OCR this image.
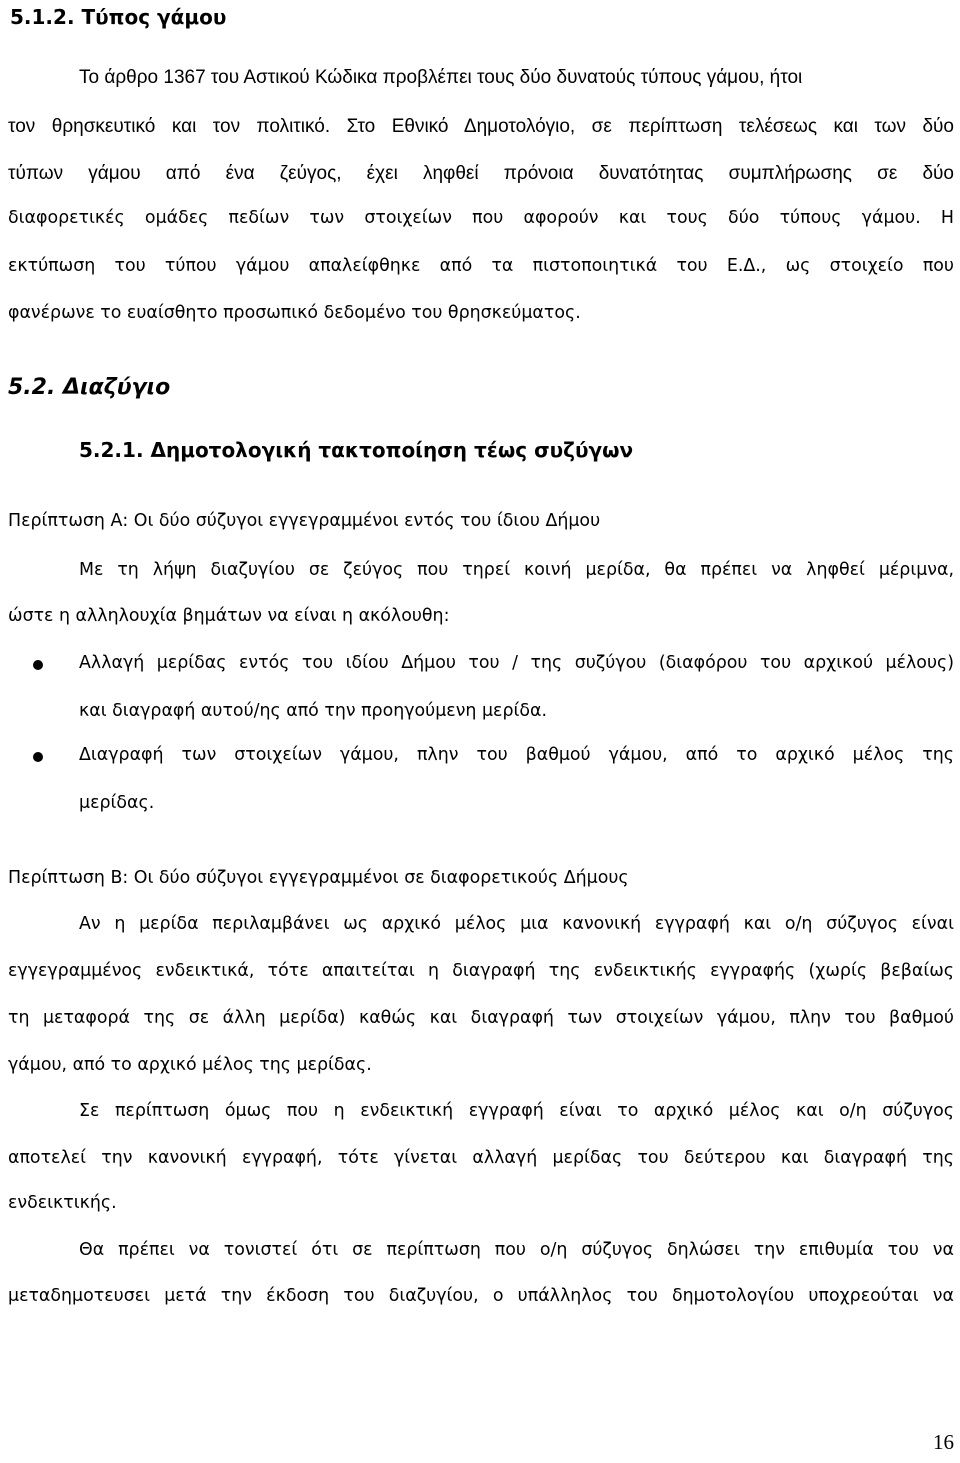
5.1.2. Τύπος γάμου
Το άρθρο 1367 του Αστικού Κώδικα προβλέπει τους δύο δυνατούς τύπους γάμου, ήτοι
τον θρησκευτικό και τον πολιτικό. Στο Εθνικό Δημοτολόγιο, σε περίπτωση τελέσεως και των δύο
τύπων γάμου από ένα ζεύγος, έχει ληφθεί πρόνοια δυνατότητας συμπλήρωσης σε δύο
διαφορετικές ομάδες πεδίων των στοιχείων που αφορούν και τους δύο τύπους γάμου. Η
εκτύπωση του τύπου γάμου απαλείφθηκε από τα πιστοποιητικά του Ε.Δ., ως στοιχείο που
φανέρωνε το ευαίσθητο προσωπικό δεδομένο του θρησκεύματος.
5.2. Διαζύγιο
5.2.1. Δημοτολογική τακτοποίηση τέως συζύγων
Περίπτωση Α: Οι δύο σύζυγοι εγγεγραμμένοι εντός του ίδιου Δήμου
Με τη λήψη διαζυγίου σε ζεύγος που τηρεί κοινή μερίδα, θα πρέπει να ληφθεί μέριμνα,
ώστε η αλληλουχία βημάτων να είναι η ακόλουθη:
Αλλαγή μερίδας εντός του ιδίου Δήμου του / της συζύγου (διαφόρου του αρχικού μέλους)
και διαγραφή αυτού/ης από την προηγούμενη μερίδα.
Διαγραφή των στοιχείων γάμου, πλην του βαθμού γάμου, από το αρχικό μέλος της
μερίδας.
Περίπτωση Β: Οι δύο σύζυγοι εγγεγραμμένοι σε διαφορετικούς Δήμους
Αν η μερίδα περιλαμβάνει ως αρχικό μέλος μια κανονική εγγραφή και ο/η σύζυγος είναι
εγγεγραμμένος ενδεικτικά, τότε απαιτείται η διαγραφή της ενδεικτικής εγγραφής (χωρίς βεβαίως
τη μεταφορά της σε άλλη μερίδα) καθώς και διαγραφή των στοιχείων γάμου, πλην του βαθμού
γάμου, από το αρχικό μέλος της μερίδας.
Σε περίπτωση όμως που η ενδεικτική εγγραφή είναι το αρχικό μέλος και ο/η σύζυγος
αποτελεί την κανονική εγγραφή, τότε γίνεται αλλαγή μερίδας του δεύτερου και διαγραφή της
ενδεικτικής.
Θα πρέπει να τονιστεί ότι σε περίπτωση που ο/η σύζυγος δηλώσει την επιθυμία του να
μεταδημοτευσει μετά την έκδοση του διαζυγίου, ο υπάλληλος του δημοτολογίου υποχρεούται να
16
